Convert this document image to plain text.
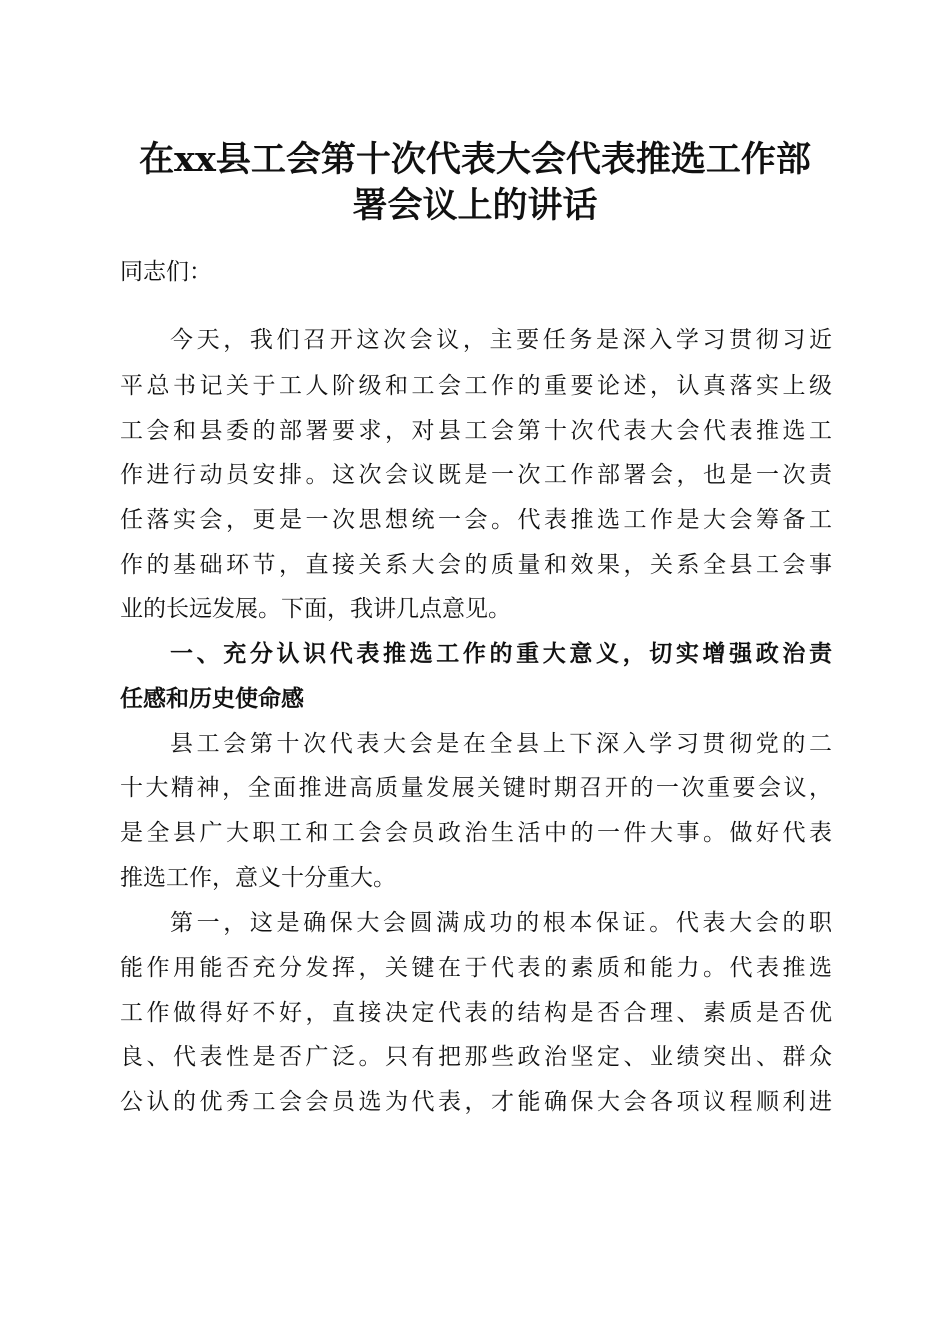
在xx县工会第十次代表大会代表推选工作部
署会议上的讲话
同志们：
今天，我们召开这次会议，主要任务是深入学习贯彻习近
平总书记关于工人阶级和工会工作的重要论述，认真落实上级
工会和县委的部署要求，对县工会第十次代表大会代表推选工
作进行动员安排。这次会议既是一次工作部署会，也是一次责
任落实会，更是一次思想统一会。代表推选工作是大会筹备工
作的基础环节，直接关系大会的质量和效果，关系全县工会事
业的长远发展。下面，我讲几点意见。
一、充分认识代表推选工作的重大意义，切实增强政治责
任感和历史使命感
县工会第十次代表大会是在全县上下深入学习贯彻党的二
十大精神，全面推进高质量发展关键时期召开的一次重要会议，
是全县广大职工和工会会员政治生活中的一件大事。做好代表
推选工作，意义十分重大。
第一，这是确保大会圆满成功的根本保证。代表大会的职
能作用能否充分发挥，关键在于代表的素质和能力。代表推选
工作做得好不好，直接决定代表的结构是否合理、素质是否优
良、代表性是否广泛。只有把那些政治坚定、业绩突出、群众
公认的优秀工会会员选为代表，才能确保大会各项议程顺利进
